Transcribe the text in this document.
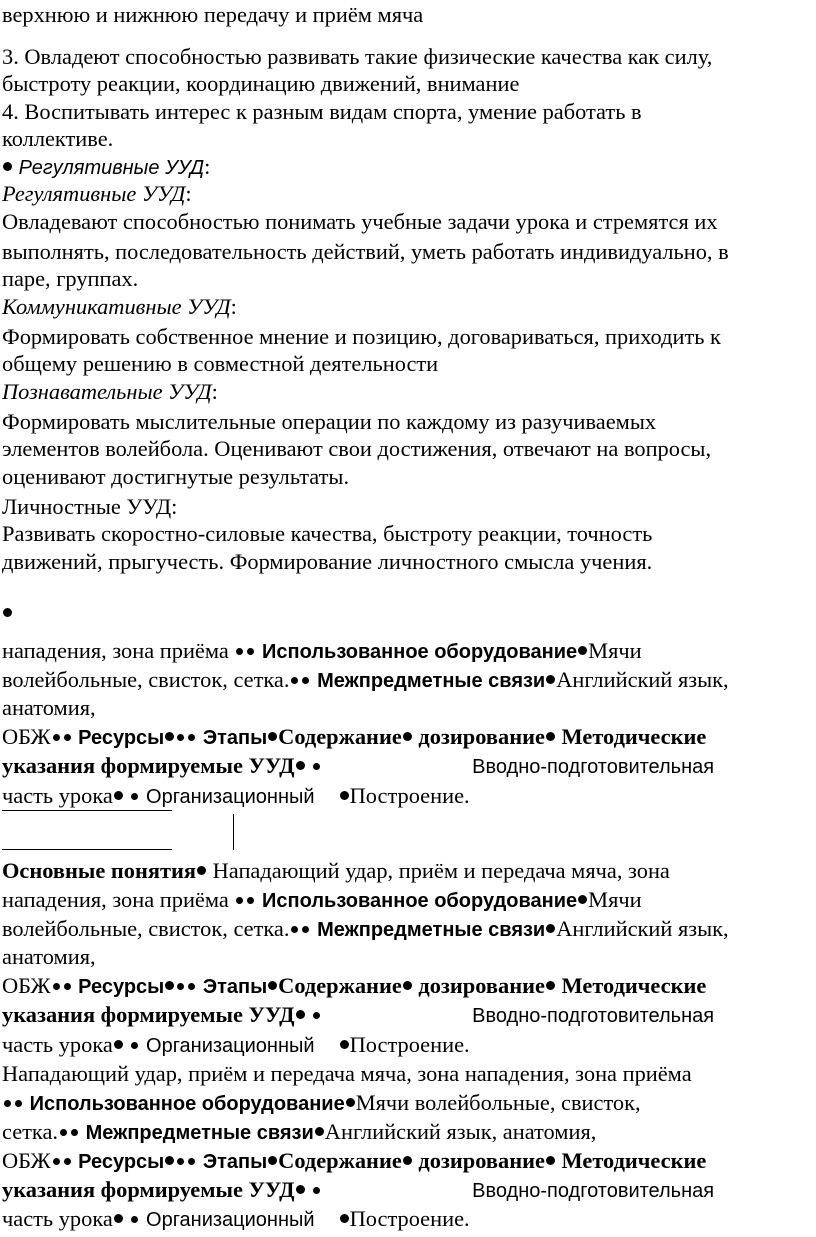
верхнюю и нижнюю передачу и приём мяча
3. Овладеют способностью развивать такие физические качества как силу,
быстроту реакции, координацию движений, внимание
4. Воспитывать интерес к разным видам спорта, умение работать в
коллективе.
Регулятивные УУД:
Регулятивные УУД:
Овладевают способностью понимать учебные задачи урока и стремятся их
выполнять, последовательность действий, уметь работать индивидуально, в
паре, группах.
Коммуникативные УУД:
Формировать собственное мнение и позицию, договариваться, приходить к
общему решению в совместной деятельности
Познавательные УУД:
Формировать мыслительные операции по каждому из разучиваемых
элементов волейбола. Оценивают свои достижения, отвечают на вопросы,
оценивают достигнутые результаты.
Личностные УУД:
Развивать скоростно-силовые качества, быстроту реакции, точность
движений, прыгучесть. Формирование личностного смысла учения.
нападения, зона приёма Использованное оборудование Мячи
волейбольные, свисток, сетка. Межпредметные связи Английский язык,
анатомия,
ОБЖ Ресурсы Этапы Содержание дозирование Методические
указания формируемые УУД	Вводно-подготовительная
часть урока Организационный Построение.
Основные понятия Нападающий удар, приём и передача мяча, зона
нападения, зона приёма Использованное оборудование Мячи
волейбольные, свисток, сетка. Межпредметные связи Английский язык,
анатомия,
ОБЖ Ресурсы Этапы Содержание дозирование Методические
указания формируемые УУД	Вводно-подготовительная
часть урока Организационный Построение.
Нападающий удар, приём и передача мяча, зона нападения, зона приёма
Использованное оборудование Мячи волейбольные, свисток,
сетка. Межпредметные связи Английский язык, анатомия,
ОБЖ Ресурсы Этапы Содержание дозирование Методические
указания формируемые УУД	Вводно-подготовительная
часть урока Организационный Построение.
